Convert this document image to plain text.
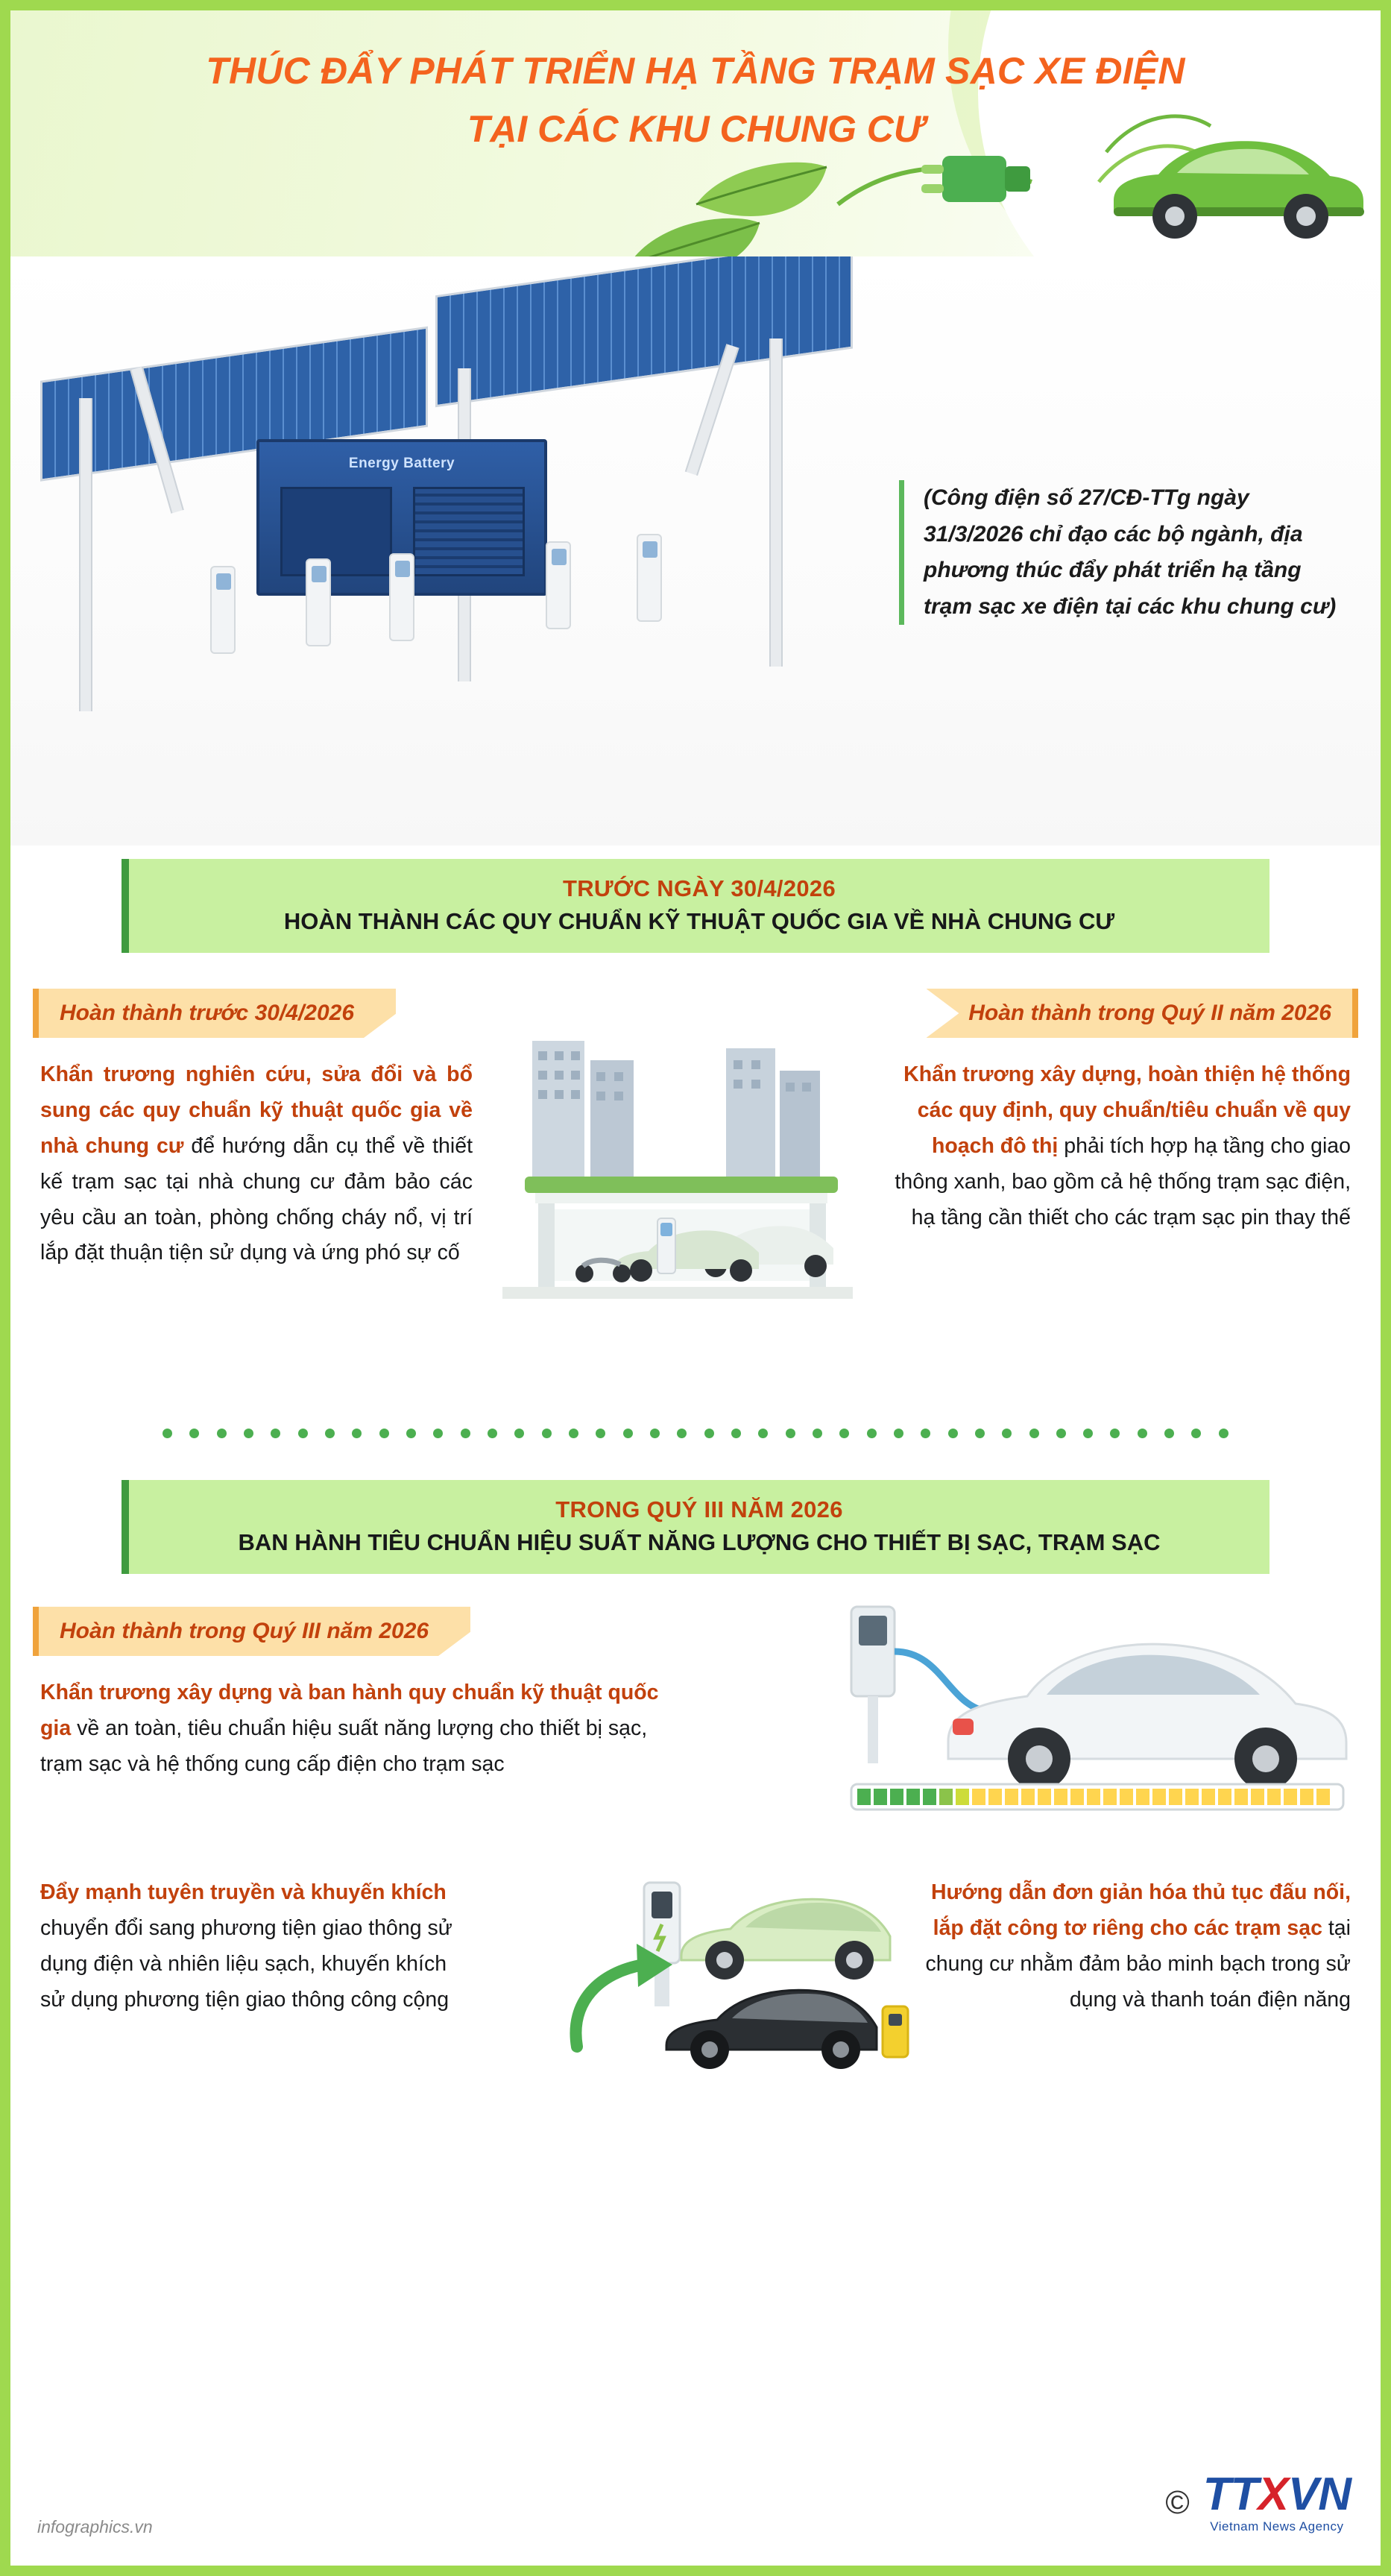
THÚC ĐẨY PHÁT TRIỂN HẠ TẦNG TRẠM SẠC XE ĐIỆN
TẠI CÁC KHU CHUNG CƯ
Energy Battery
(Công điện số 27/CĐ-TTg ngày 31/3/2026 chỉ đạo các bộ ngành, địa phương thúc đẩy phát triển hạ tầng trạm sạc xe điện tại các khu chung cư)
TRƯỚC NGÀY 30/4/2026
HOÀN THÀNH CÁC QUY CHUẨN KỸ THUẬT QUỐC GIA VỀ NHÀ CHUNG CƯ
Hoàn thành trước 30/4/2026	Hoàn thành trong Quý II năm 2026
Khẩn trương nghiên cứu, sửa đổi và bổ sung các quy chuẩn kỹ thuật quốc gia về nhà chung cư để hướng dẫn cụ thể về thiết kế trạm sạc tại nhà chung cư đảm bảo các yêu cầu an toàn, phòng chống cháy nổ, vị trí lắp đặt thuận tiện sử dụng và ứng phó sự cố
Khẩn trương xây dựng, hoàn thiện hệ thống các quy định, quy chuẩn/tiêu chuẩn về quy hoạch đô thị phải tích hợp hạ tầng cho giao thông xanh, bao gồm cả hệ thống trạm sạc điện, hạ tầng cần thiết cho các trạm sạc pin thay thế
TRONG QUÝ III NĂM 2026
BAN HÀNH TIÊU CHUẨN HIỆU SUẤT NĂNG LƯỢNG CHO THIẾT BỊ SẠC, TRẠM SẠC
Hoàn thành trong Quý III năm 2026
Khẩn trương xây dựng và ban hành quy chuẩn kỹ thuật quốc gia về an toàn, tiêu chuẩn hiệu suất năng lượng cho thiết bị sạc, trạm sạc và hệ thống cung cấp điện cho trạm sạc
Đẩy mạnh tuyên truyền và khuyến khích chuyển đổi sang phương tiện giao thông sử dụng điện và nhiên liệu sạch, khuyến khích sử dụng phương tiện giao thông công cộng
Hướng dẫn đơn giản hóa thủ tục đấu nối, lắp đặt công tơ riêng cho các trạm sạc tại chung cư nhằm đảm bảo minh bạch trong sử dụng và thanh toán điện năng
infographics.vn
© TTXVN
Vietnam News Agency
